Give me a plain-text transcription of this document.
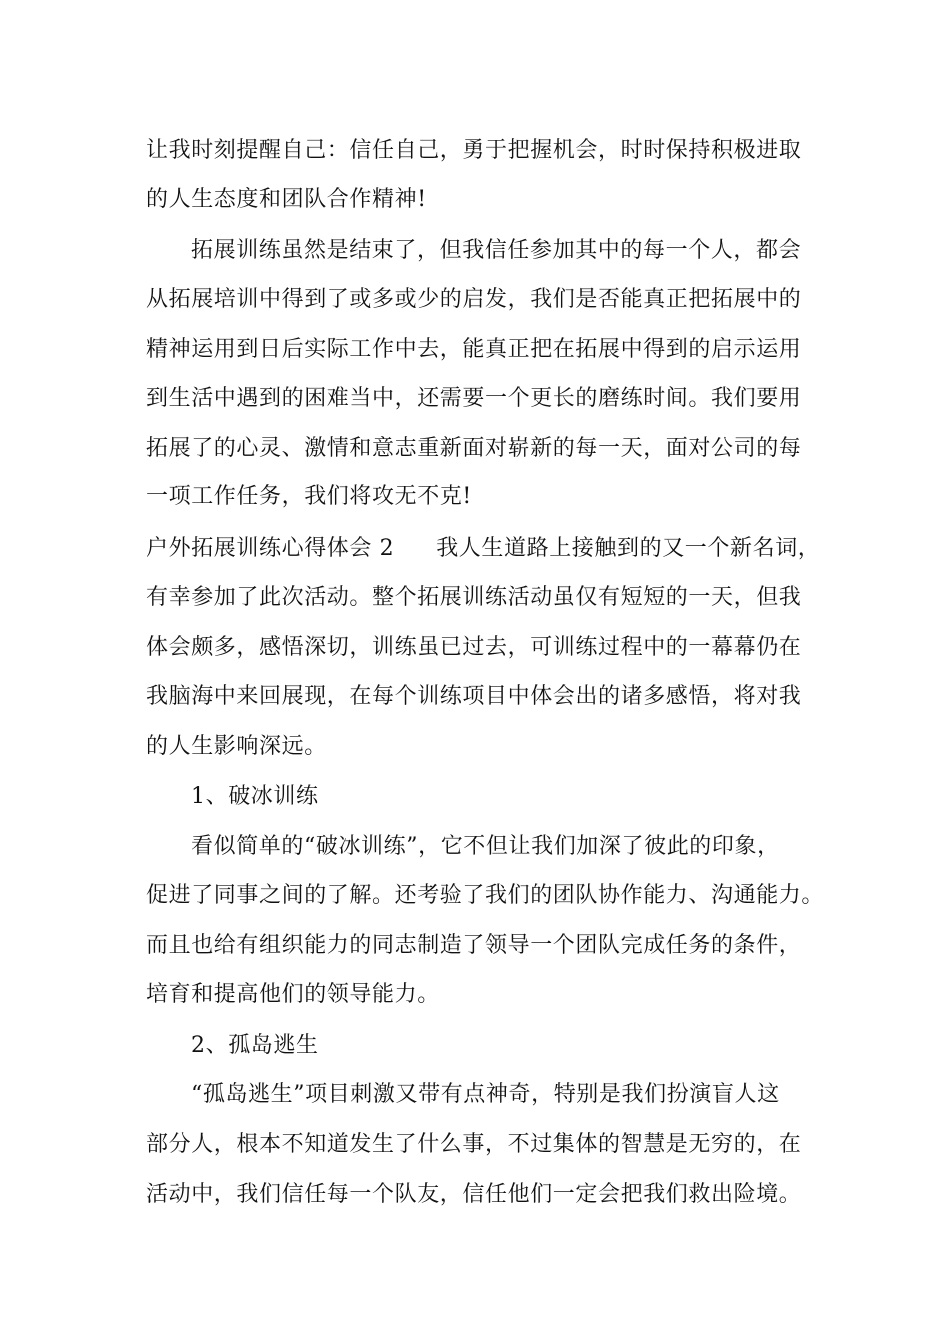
让我时刻提醒自己：信任自己，勇于把握机会，时时保持积极进取
的人生态度和团队合作精神!
拓展训练虽然是结束了，但我信任参加其中的每一个人，都会
从拓展培训中得到了或多或少的启发，我们是否能真正把拓展中的
精神运用到日后实际工作中去，能真正把在拓展中得到的启示运用
到生活中遇到的困难当中，还需要一个更长的磨练时间。我们要用
拓展了的心灵、激情和意志重新面对崭新的每一天，面对公司的每
一项工作任务，我们将攻无不克!
户外拓展训练心得体会 2 我人生道路上接触到的又一个新名词，
有幸参加了此次活动。整个拓展训练活动虽仅有短短的一天，但我
体会颇多，感悟深切，训练虽已过去，可训练过程中的一幕幕仍在
我脑海中来回展现，在每个训练项目中体会出的诸多感悟，将对我
的人生影响深远。
1、破冰训练
看似简单的“破冰训练”，它不但让我们加深了彼此的印象，
促进了同事之间的了解。还考验了我们的团队协作能力、沟通能力。
而且也给有组织能力的同志制造了领导一个团队完成任务的条件，
培育和提高他们的领导能力。
2、孤岛逃生
“孤岛逃生”项目刺激又带有点神奇，特别是我们扮演盲人这
部分人，根本不知道发生了什么事，不过集体的智慧是无穷的，在
活动中，我们信任每一个队友，信任他们一定会把我们救出险境。
